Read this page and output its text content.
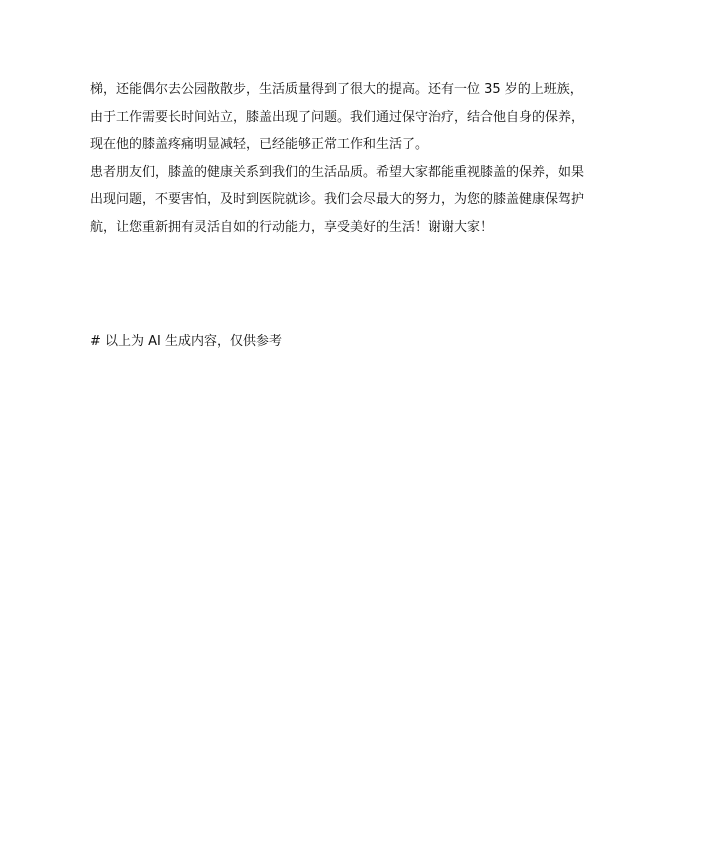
梯，还能偶尔去公园散散步，生活质量得到了很大的提高。还有一位 35 岁的上班族，
由于工作需要长时间站立，膝盖出现了问题。我们通过保守治疗，结合他自身的保养，
现在他的膝盖疼痛明显减轻，已经能够正常工作和生活了。
患者朋友们，膝盖的健康关系到我们的生活品质。希望大家都能重视膝盖的保养，如果
出现问题，不要害怕，及时到医院就诊。我们会尽最大的努力，为您的膝盖健康保驾护
航，让您重新拥有灵活自如的行动能力，享受美好的生活！谢谢大家！
# 以上为 AI 生成内容，仅供参考
